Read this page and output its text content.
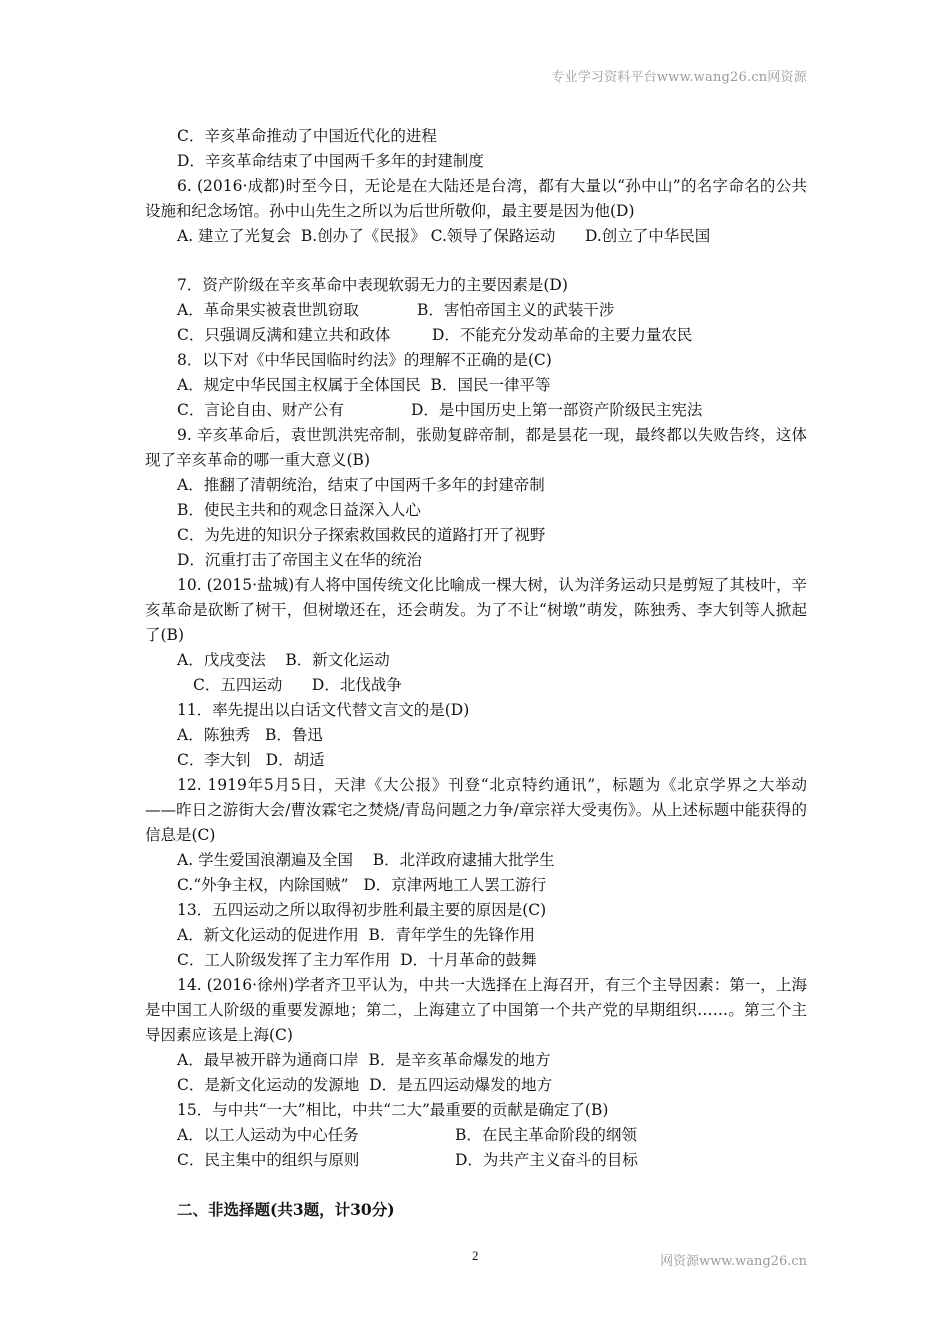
专业学习资料平台www.wang26.cn网资源
C．辛亥革命推动了中国近代化的进程
D．辛亥革命结束了中国两千多年的封建制度
6. (2016·成都)时至今日，无论是在大陆还是台湾，都有大量以“孙中山”的名字命名的公共设施和纪念场馆。孙中山先生之所以为后世所敬仰，最主要是因为他(D)
A. 建立了光复会  B.创办了《民报》 C.领导了保路运动      D.创立了中华民国
7．资产阶级在辛亥革命中表现软弱无力的主要因素是(D)
A．革命果实被袁世凯窃取	B．害怕帝国主义的武装干涉
C．只强调反满和建立共和政体	D．不能充分发动革命的主要力量农民
8．以下对《中华民国临时约法》的理解不正确的是(C)
A．规定中华民国主权属于全体国民  B．国民一律平等
C．言论自由、财产公有	D．是中国历史上第一部资产阶级民主宪法
9. 辛亥革命后，袁世凯洪宪帝制，张勋复辟帝制，都是昙花一现，最终都以失败告终，这体现了辛亥革命的哪一重大意义(B)
A．推翻了清朝统治，结束了中国两千多年的封建帝制
B．使民主共和的观念日益深入人心
C．为先进的知识分子探索救国救民的道路打开了视野
D．沉重打击了帝国主义在华的统治
10. (2015·盐城)有人将中国传统文化比喻成一棵大树，认为洋务运动只是剪短了其枝叶，辛亥革命是砍断了树干，但树墩还在，还会萌发。为了不让“树墩”萌发，陈独秀、李大钊等人掀起了(B)
A．戊戌变法    B．新文化运动
C．五四运动      D．北伐战争
11．率先提出以白话文代替文言文的是(D)
A．陈独秀   B．鲁迅
C．李大钊   D．胡适
12. 1919年5月5日，天津《大公报》刊登“北京特约通讯”，标题为《北京学界之大举动——昨日之游街大会/曹汝霖宅之焚烧/青岛问题之力争/章宗祥大受夷伤》。从上述标题中能获得的信息是(C)
A. 学生爱国浪潮遍及全国    B．北洋政府逮捕大批学生
C.“外争主权，内除国贼”   D．京津两地工人罢工游行
13．五四运动之所以取得初步胜利最主要的原因是(C)
A．新文化运动的促进作用  B．青年学生的先锋作用
C．工人阶级发挥了主力军作用  D．十月革命的鼓舞
14. (2016·徐州)学者齐卫平认为，中共一大选择在上海召开，有三个主导因素：第一，上海是中国工人阶级的重要发源地；第二，上海建立了中国第一个共产党的早期组织……。第三个主导因素应该是上海(C)
A．最早被开辟为通商口岸  B．是辛亥革命爆发的地方
C．是新文化运动的发源地  D．是五四运动爆发的地方
15．与中共“一大”相比，中共“二大”最重要的贡献是确定了(B)
A．以工人运动为中心任务	B．在民主革命阶段的纲领
C．民主集中的组织与原则	D．为共产主义奋斗的目标
二、非选择题(共3题，计30分)
2	网资源www.wang26.cn
